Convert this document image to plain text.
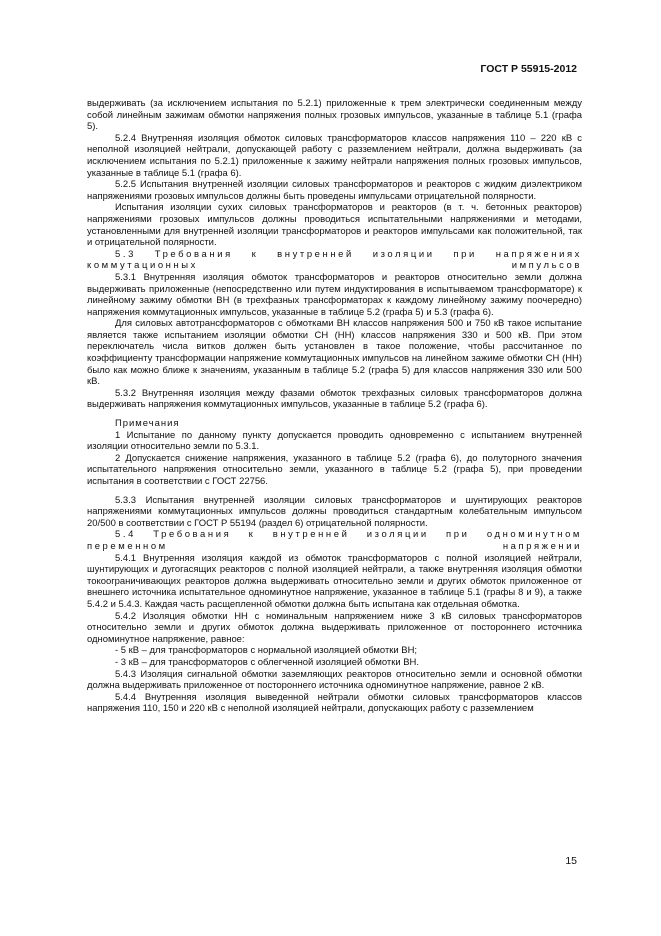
ГОСТ Р 55915-2012

выдерживать (за исключением испытания по 5.2.1) приложенные к трем электрически соединенным между собой линейным зажимам обмотки напряжения полных грозовых импульсов, указанные в таблице 5.1 (графа 5).

5.2.4 Внутренняя изоляция обмоток силовых трансформаторов классов напряжения 110 – 220 кВ с неполной изоляцией нейтрали, допускающей работу с разземлением нейтрали, должна выдерживать (за исключением испытания по 5.2.1) приложенные к зажиму нейтрали напряжения полных грозовых импульсов, указанные в таблице 5.1 (графа 6).

5.2.5 Испытания внутренней изоляции силовых трансформаторов и реакторов с жидким диэлектриком напряжениями грозовых импульсов должны быть проведены импульсами отрицательной полярности.

Испытания изоляции сухих силовых трансформаторов и реакторов (в т. ч. бетонных реакторов) напряжениями грозовых импульсов должны проводиться испытательными напряжениями и методами, установленными для внутренней изоляции трансформаторов и реакторов импульсами как положительной, так и отрицательной полярности.

5.3 Требования к внутренней изоляции при напряжениях коммутационных импульсов

5.3.1 Внутренняя изоляция обмоток трансформаторов и реакторов относительно земли должна выдерживать приложенные (непосредственно или путем индуктирования в испытываемом трансформаторе) к линейному зажиму обмотки ВН (в трехфазных трансформаторах к каждому линейному зажиму поочередно) напряжения коммутационных импульсов, указанные в таблице 5.2 (графа 5) и 5.3 (графа 6).

Для силовых автотрансформаторов с обмотками ВН классов напряжения 500 и 750 кВ такое испытание является также испытанием изоляции обмотки СН (НН) классов напряжения 330 и 500 кВ. При этом переключатель числа витков должен быть установлен в такое положение, чтобы рассчитанное по коэффициенту трансформации напряжение коммутационных импульсов на линейном зажиме обмотки СН (НН) было как можно ближе к значениям, указанным в таблице 5.2 (графа 5) для классов напряжения 330 или 500 кВ.

5.3.2 Внутренняя изоляция между фазами обмоток трехфазных силовых трансформаторов должна выдерживать напряжения коммутационных импульсов, указанные в таблице 5.2 (графа 6).

Примечания

1 Испытание по данному пункту допускается проводить одновременно с испытанием внутренней изоляции относительно земли по 5.3.1.

2 Допускается снижение напряжения, указанного в таблице 5.2 (графа 6), до полуторного значения испытательного напряжения относительно земли, указанного в таблице 5.2 (графа 5), при проведении испытания в соответствии с ГОСТ 22756.

5.3.3 Испытания внутренней изоляции силовых трансформаторов и шунтирующих реакторов напряжениями коммутационных импульсов должны проводиться стандартным колебательным импульсом 20/500 в соответствии с ГОСТ Р 55194 (раздел 6) отрицательной полярности.

5.4 Требования к внутренней изоляции при одноминутном переменном напряжении

5.4.1 Внутренняя изоляция каждой из обмоток трансформаторов с полной изоляцией нейтрали, шунтирующих и дугогасящих реакторов с полной изоляцией нейтрали, а также внутренняя изоляция обмотки токоограничивающих реакторов должна выдерживать относительно земли и других обмоток приложенное от внешнего источника испытательное одноминутное напряжение, указанное в таблице 5.1 (графы 8 и 9), а также 5.4.2 и 5.4.3. Каждая часть расщепленной обмотки должна быть испытана как отдельная обмотка.

5.4.2 Изоляция обмотки НН с номинальным напряжением ниже 3 кВ силовых трансформаторов относительно земли и других обмоток должна выдерживать приложенное от постороннего источника одноминутное напряжение, равное:

- 5 кВ – для трансформаторов с нормальной изоляцией обмотки ВН;

- 3 кВ – для трансформаторов с облегченной изоляцией обмотки ВН.

5.4.3 Изоляция сигнальной обмотки заземляющих реакторов относительно земли и основной обмотки должна выдерживать приложенное от постороннего источника одноминутное напряжение, равное 2 кВ.

5.4.4 Внутренняя изоляция выведенной нейтрали обмотки силовых трансформаторов классов напряжения 110, 150 и 220 кВ с неполной изоляцией нейтрали, допускающих работу с разземлением

15
